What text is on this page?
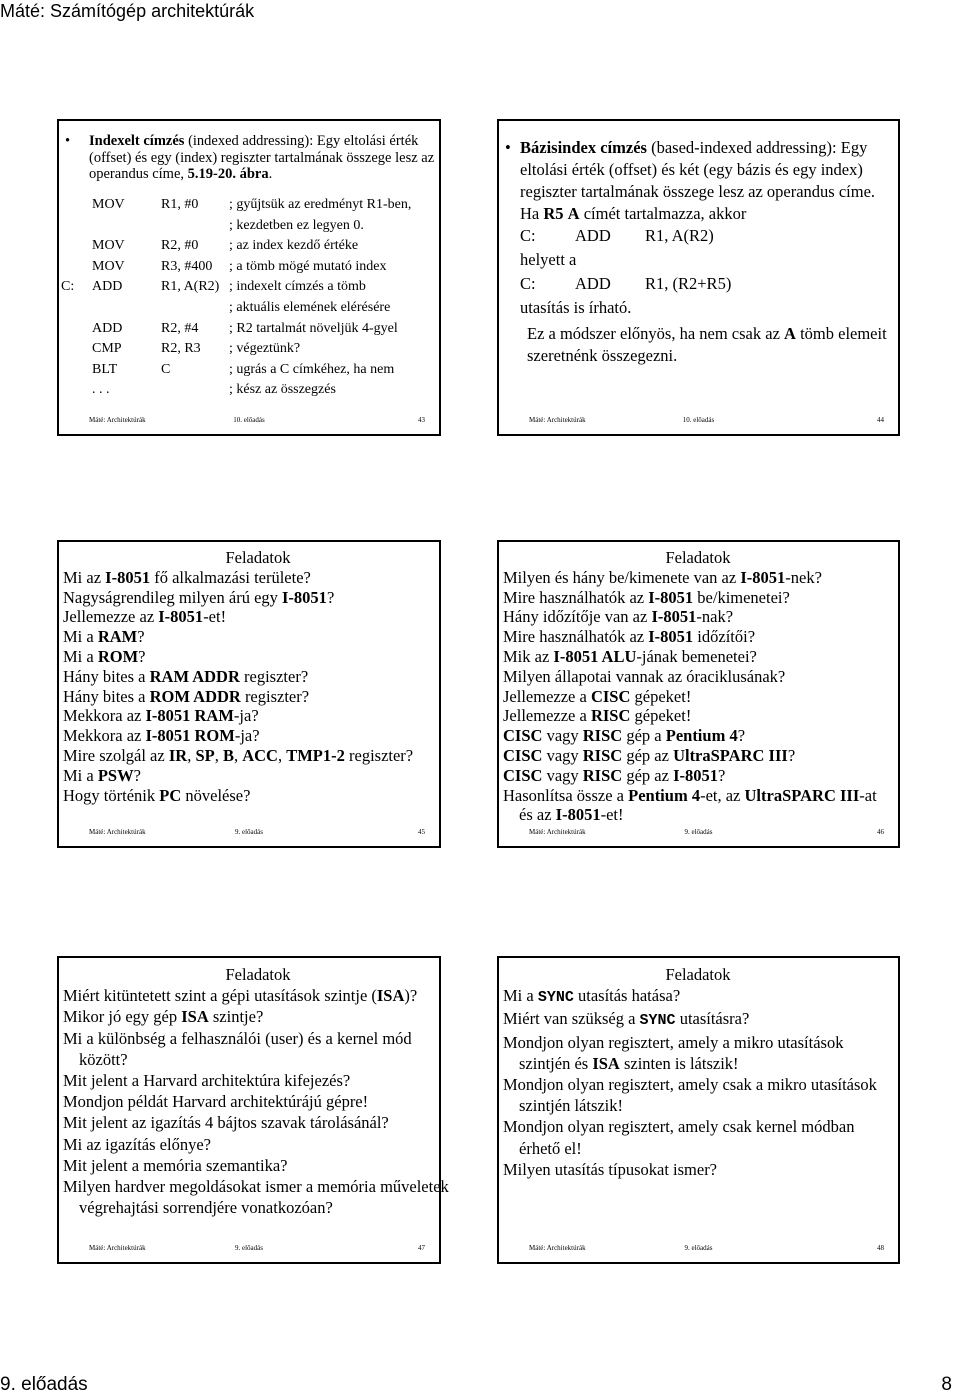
Máté: Számítógép architektúrák
• Indexelt címzés (indexed addressing): Egy eltolási érték (offset) és egy (index) regiszter tartalmának összege lesz az operandus címe, 5.19-20. ábra.
MOV	R1, #0 ; gyűjtsük az eredményt R1-ben,
; kezdetben ez legyen 0.
MOV	R2, #0 ; az index kezdő értéke
MOV	R3, #400 ; a tömb mögé mutató index
C: ADD	R1, A(R2) ; indexelt címzés a tömb
; aktuális elemének elérésére
ADD	R2, #4 ; R2 tartalmát növeljük 4-gyel
CMP	R2, R3 ; végeztünk?
BLT	C	; ugrás a C címkéhez, ha nem
. . .	; kész az összegzés
Máté: Architektúrák	10. előadás	43
• Bázisindex címzés (based-indexed addressing): Egy eltolási érték (offset) és két (egy bázis és egy index) regiszter tartalmának összege lesz az operandus címe. Ha R5 A címét tartalmazza, akkor
C: ADD R1, A(R2)
helyett a
C: ADD R1, (R2+R5)
utasítás is írható.
Ez a módszer előnyös, ha nem csak az A tömb elemeit szeretnénk összegezni.
Máté: Architektúrák	10. előadás	44
Feladatok
Mi az I-8051 fő alkalmazási területe?
Nagyságrendileg milyen árú egy I-8051?
Jellemezze az I-8051-et!
Mi a RAM?
Mi a ROM?
Hány bites a RAM ADDR regiszter?
Hány bites a ROM ADDR regiszter?
Mekkora az I-8051 RAM-ja?
Mekkora az I-8051 ROM-ja?
Mire szolgál az IR, SP, B, ACC, TMP1-2 regiszter?
Mi a PSW?
Hogy történik PC növelése?
Máté: Architektúrák	9. előadás	45
Feladatok
Milyen és hány be/kimenete van az I-8051-nek?
Mire használhatók az I-8051 be/kimenetei?
Hány időzítője van az I-8051-nak?
Mire használhatók az I-8051 időzítői?
Mik az I-8051 ALU-jának bemenetei?
Milyen állapotai vannak az óraciklusának?
Jellemezze a CISC gépeket!
Jellemezze a RISC gépeket!
CISC vagy RISC gép a Pentium 4?
CISC vagy RISC gép az UltraSPARC III?
CISC vagy RISC gép az I-8051?
Hasonlítsa össze a Pentium 4-et, az UltraSPARC III-at és az I-8051-et!
Máté: Architektúrák	9. előadás	46
Feladatok
Miért kitüntetett szint a gépi utasítások szintje (ISA)?
Mikor jó egy gép ISA szintje?
Mi a különbség a felhasználói (user) és a kernel mód között?
Mit jelent a Harvard architektúra kifejezés?
Mondjon példát Harvard architektúrájú gépre!
Mit jelent az igazítás 4 bájtos szavak tárolásánál?
Mi az igazítás előnye?
Mit jelent a memória szemantika?
Milyen hardver megoldásokat ismer a memória műveletek végrehajtási sorrendjére vonatkozóan?
Máté: Architektúrák	9. előadás	47
Feladatok
Mi a SYNC utasítás hatása?
Miért van szükség a SYNC utasításra?
Mondjon olyan regisztert, amely a mikro utasítások szintjén és ISA szinten is látszik!
Mondjon olyan regisztert, amely csak a mikro utasítások szintjén látszik!
Mondjon olyan regisztert, amely csak kernel módban érhető el!
Milyen utasítás típusokat ismer?
Máté: Architektúrák	9. előadás	48
9. előadás	8
